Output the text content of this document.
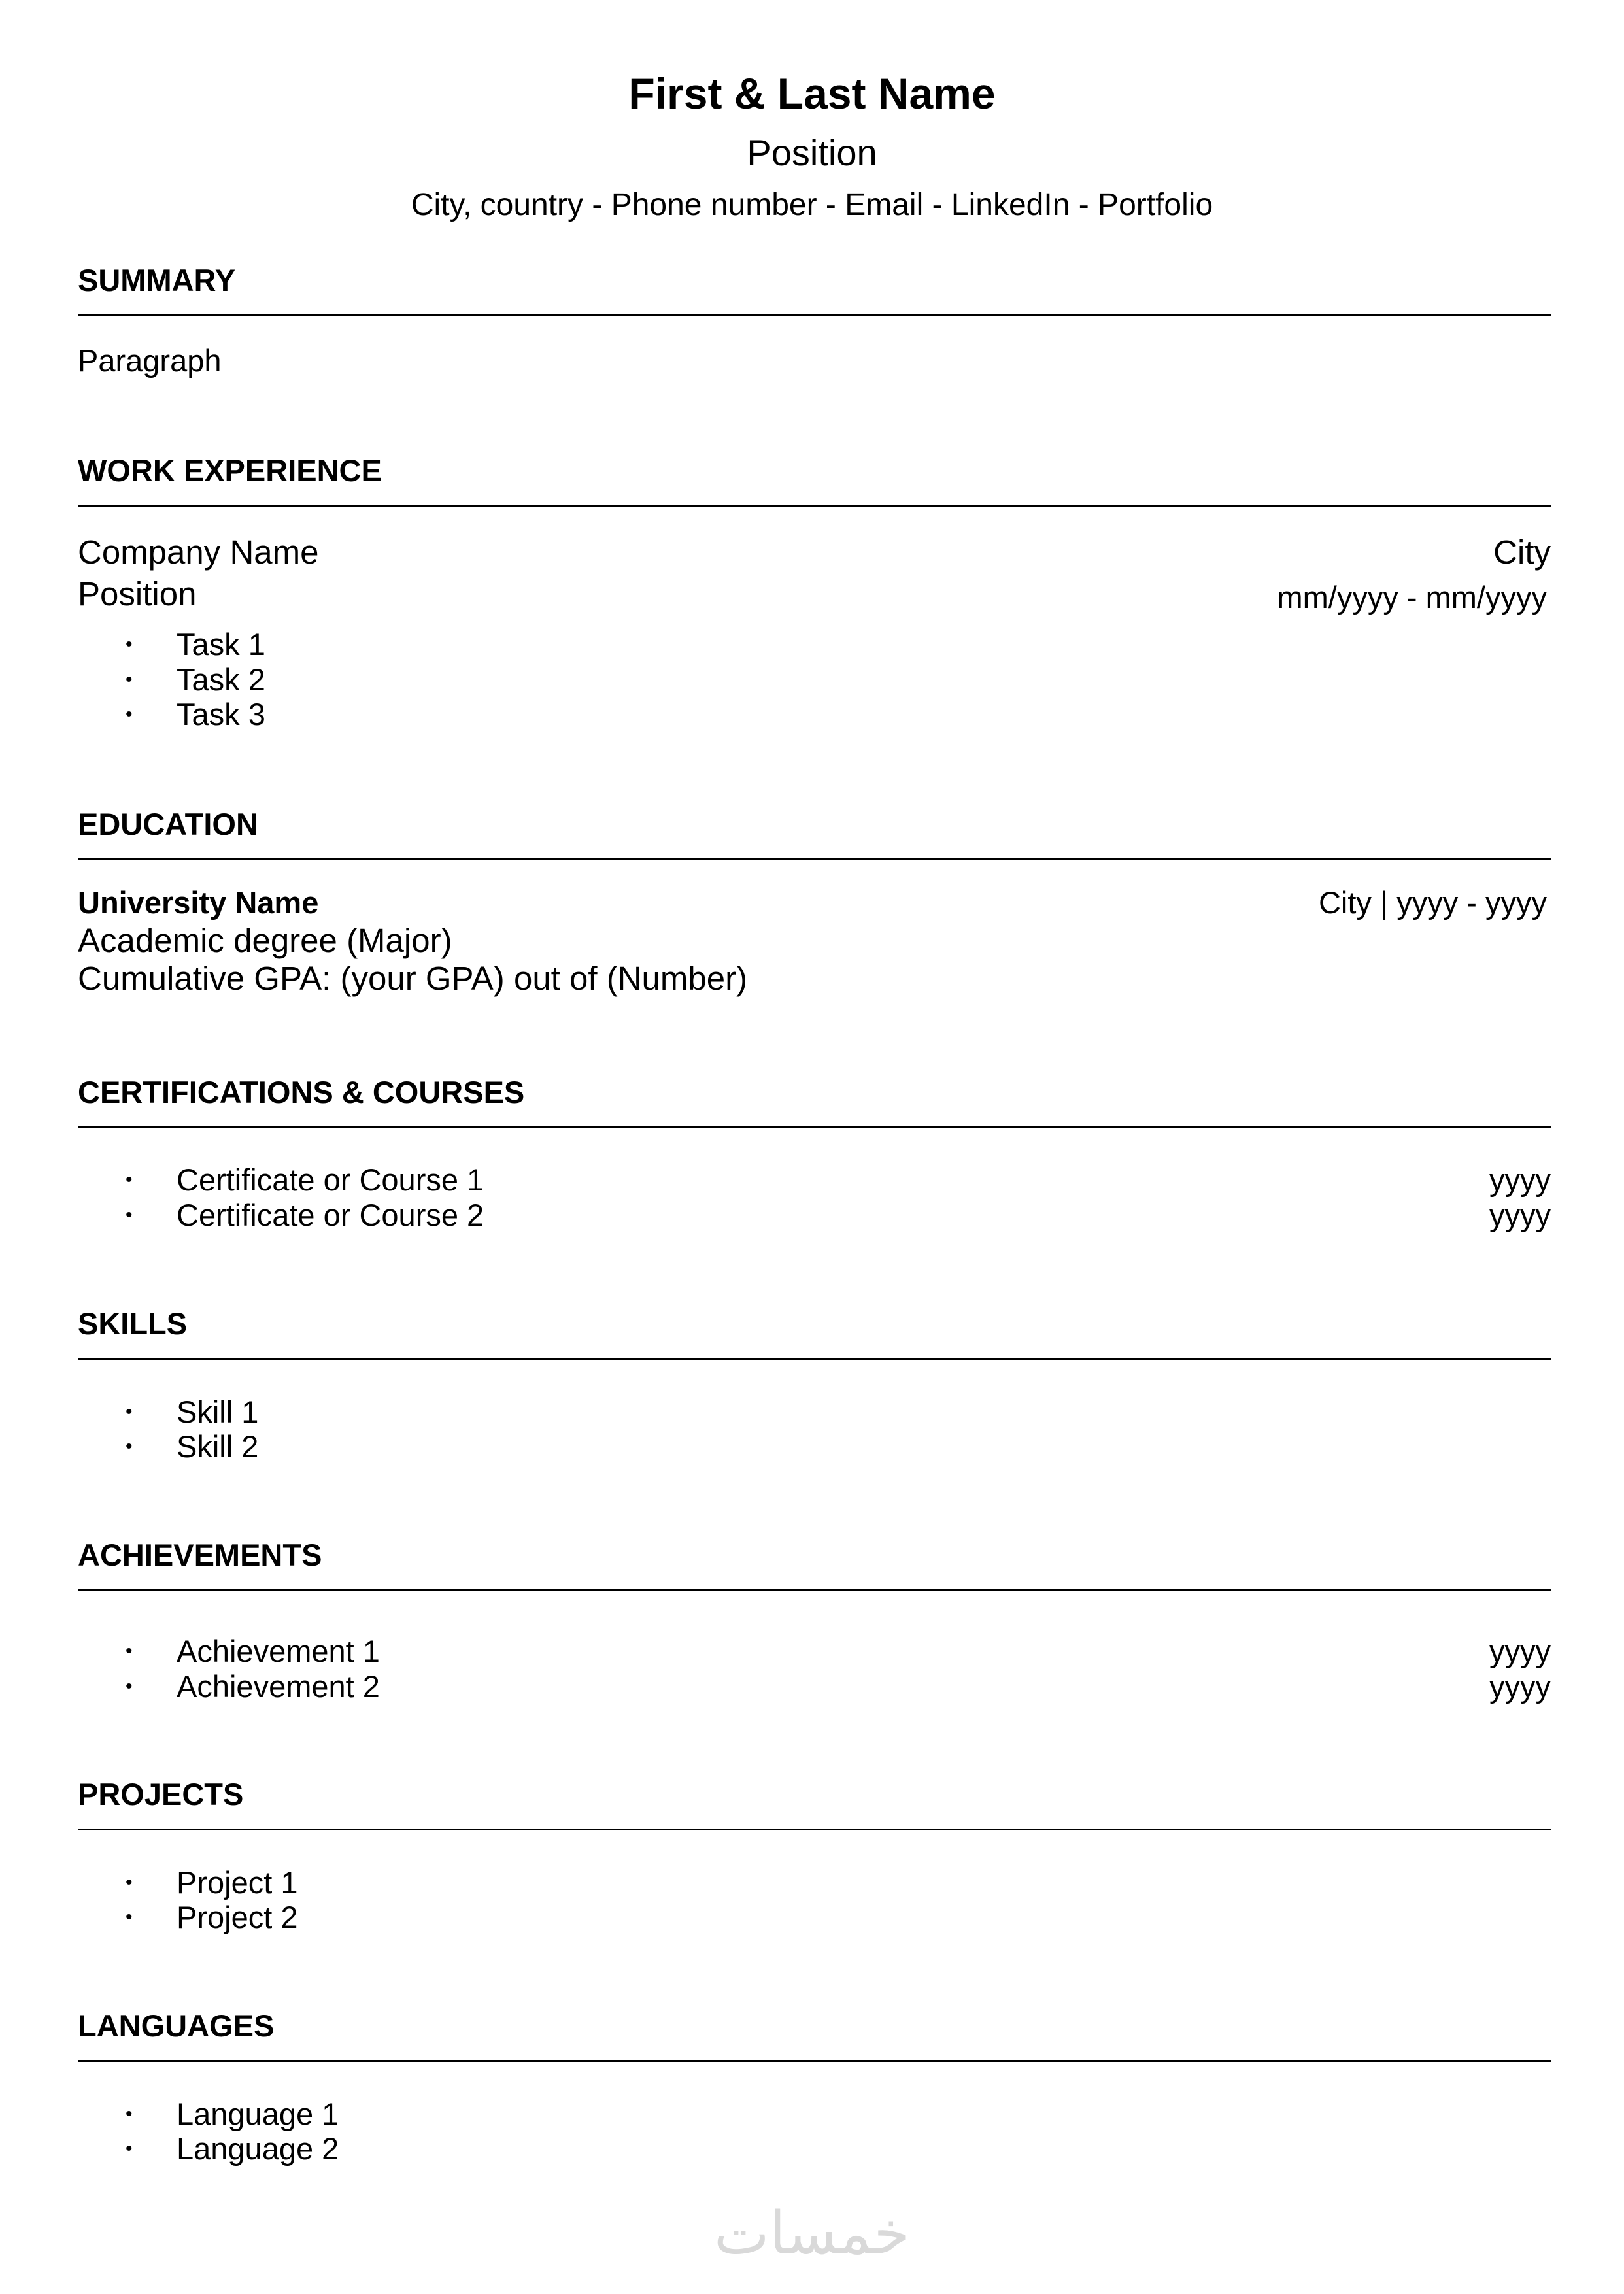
First & Last Name
Position
City, country - Phone number - Email - LinkedIn - Portfolio
SUMMARY
Paragraph
WORK EXPERIENCE
Company Name	City
Position	mm/yyyy - mm/yyyy
• Task 1
• Task 2
• Task 3
EDUCATION
University Name	City | yyyy - yyyy
Academic degree (Major)
Cumulative GPA: (your GPA) out of (Number)
CERTIFICATIONS & COURSES
• Certificate or Course 1	yyyy
• Certificate or Course 2	yyyy
SKILLS
• Skill 1
• Skill 2
ACHIEVEMENTS
• Achievement 1	yyyy
• Achievement 2	yyyy
PROJECTS
• Project 1
• Project 2
LANGUAGES
• Language 1
• Language 2
خمسات
